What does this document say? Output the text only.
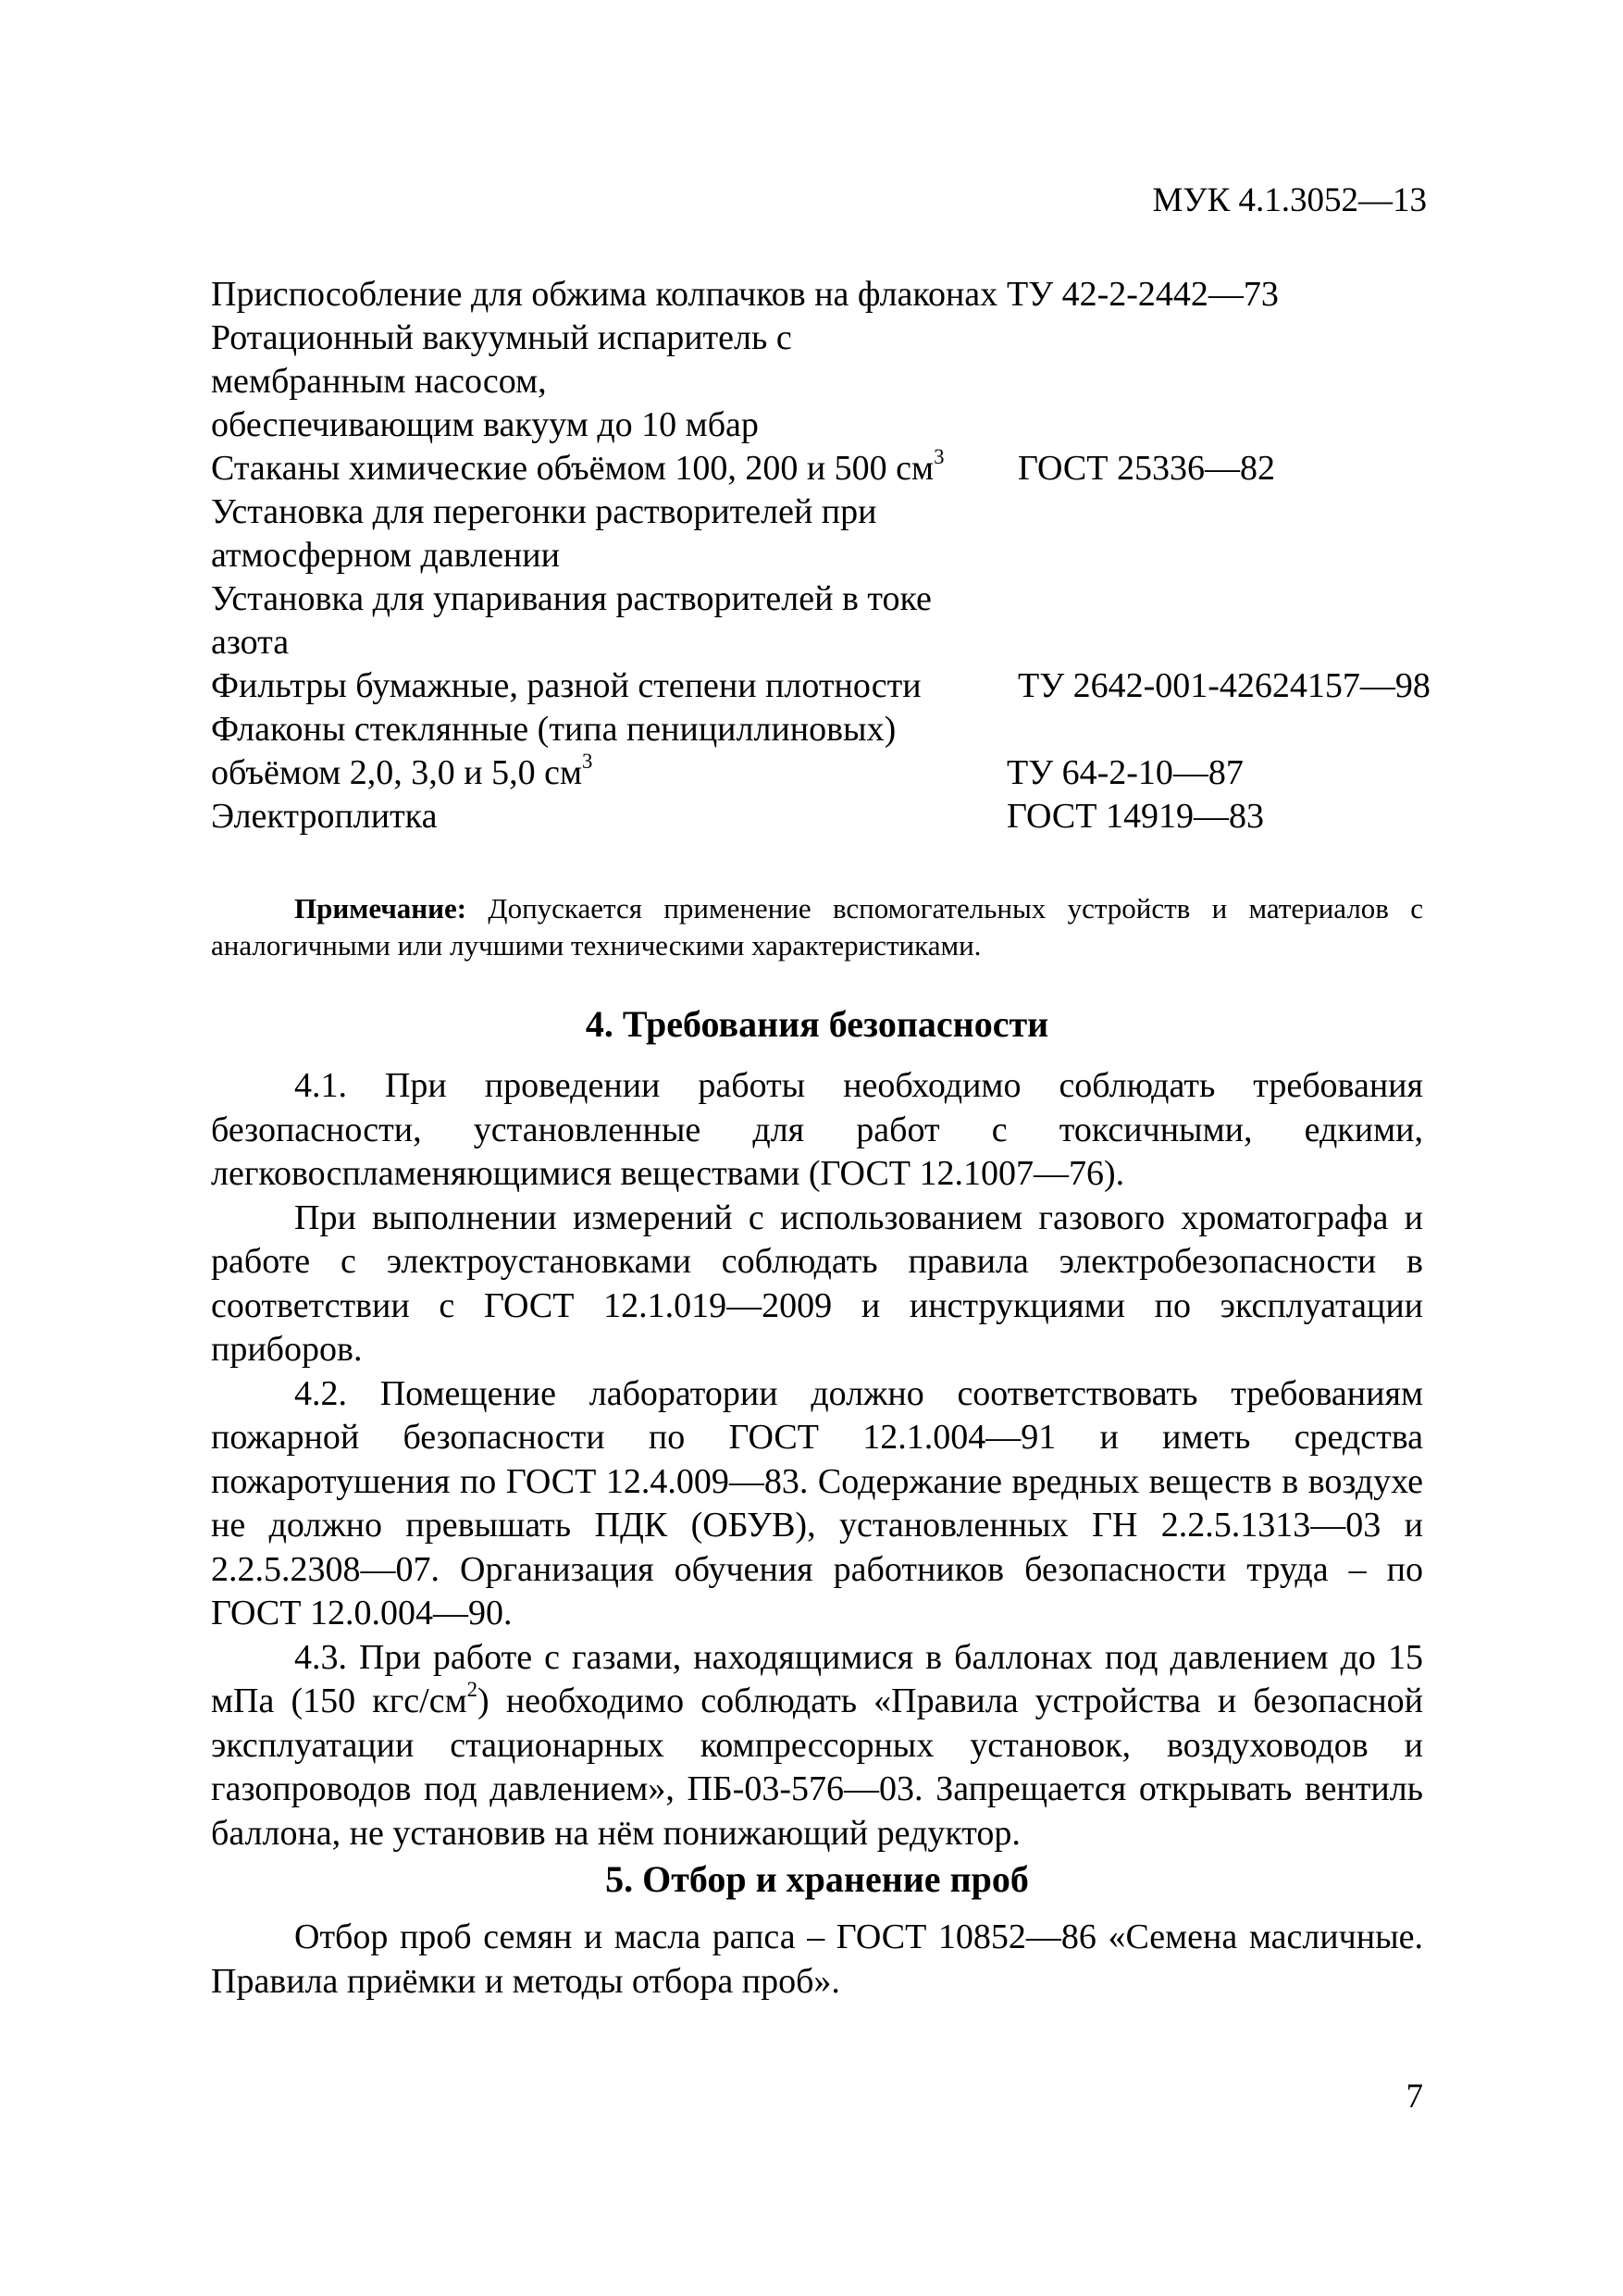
МУК 4.1.3052—13
Приспособление для обжима колпачков на флаконах ТУ 42-2-2442—73
Ротационный вакуумный испаритель с мембранным насосом, обеспечивающим вакуум до 10 мбар
Стаканы химические объёмом 100, 200 и 500 $см^3$	ГОСТ 25336—82
Установка для перегонки растворителей при атмосферном давлении
Установка для упаривания растворителей в токе азота
Фильтры бумажные, разной степени плотности	ТУ 2642-001-42624157—98
Флаконы стеклянные (типа пенициллиновых) объёмом 2,0, 3,0 и 5,0 $см^3$	ТУ 64-2-10—87
Электроплитка	ГОСТ 14919—83
Примечание: Допускается применение вспомогательных устройств и материалов с аналогичными или лучшими техническими характеристиками.
4. Требования безопасности

4.1. При проведении работы необходимо соблюдать требования безопасности, установленные для работ с токсичными, едкими, легковоспламеняющимися веществами (ГОСТ 12.1007—76).

При выполнении измерений с использованием газового хроматографа и работе с электроустановками соблюдать правила электробезопасности в соответствии с ГОСТ 12.1.019—2009 и инструкциями по эксплуатации приборов.

4.2. Помещение лаборатории должно соответствовать требованиям пожарной безопасности по ГОСТ 12.1.004—91 и иметь средства пожаротушения по ГОСТ 12.4.009—83. Содержание вредных веществ в воздухе не должно превышать ПДК (ОБУВ), установленных ГН 2.2.5.1313—03 и 2.2.5.2308—07. Организация обучения работников безопасности труда – по ГОСТ 12.0.004—90.

4.3. При работе с газами, находящимися в баллонах под давлением до 15 мПа (150 кгс/$см^2$) необходимо соблюдать «Правила устройства и безопасной эксплуатации стационарных компрессорных установок, воздуховодов и газопроводов под давлением», ПБ-03-576—03. Запрещается открывать вентиль баллона, не установив на нём понижающий редуктор.

5. Отбор и хранение проб

Отбор проб семян и масла рапса – ГОСТ 10852—86 «Семена масличные. Правила приёмки и методы отбора проб».

7
